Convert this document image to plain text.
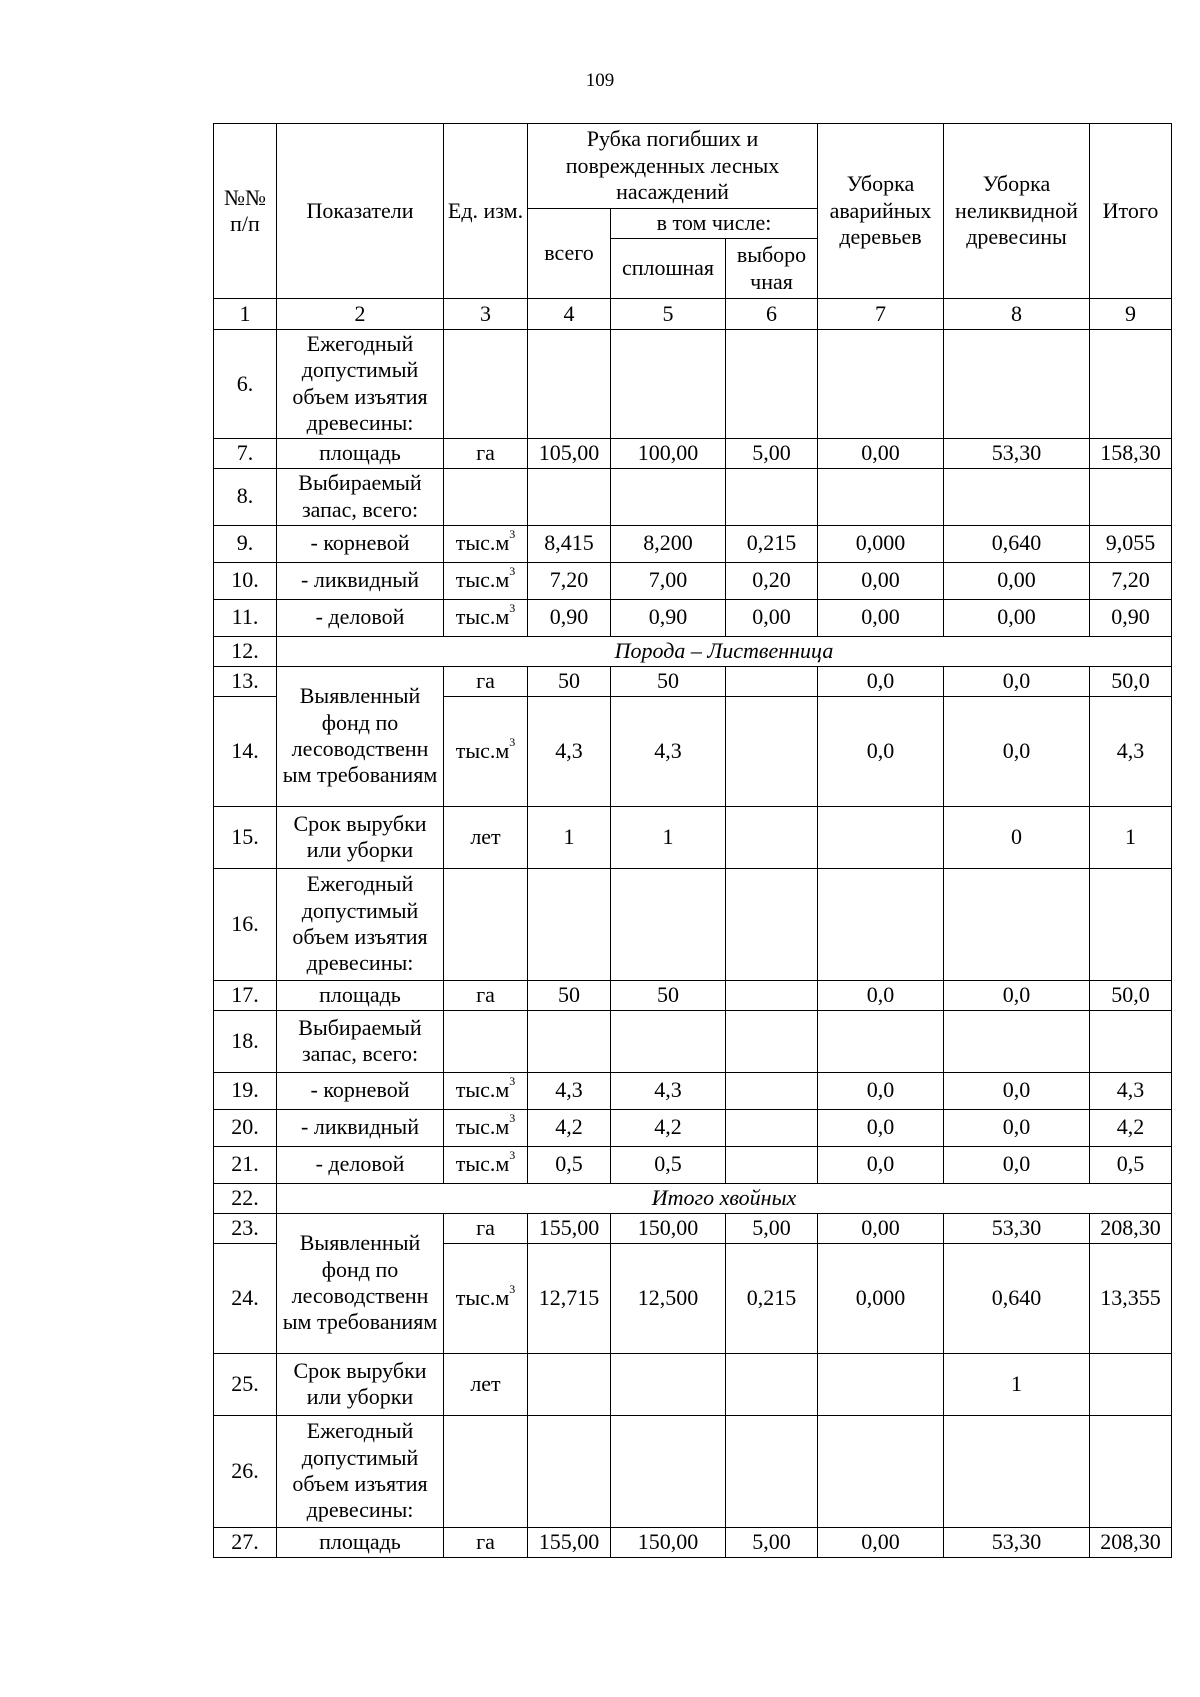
109
№№ п/п	Показатели	Ед. изм.	Рубка погибших и поврежденных лесных насаждений			Уборка аварийных деревьев	Уборка неликвидной древесины	Итого
			всего	в том числе:				
				сплошная	выборо чная			
1	2	3	4	5	6	7	8	9
6.	Ежегодный допустимый объем изъятия древесины:							
7.	площадь	га	105,00	100,00	5,00	0,00	53,30	158,30
8.	Выбираемый запас, всего:							
9.	- корневой	$тыс.м^3$	8,415	8,200	0,215	0,000	0,640	9,055
10.	- ликвидный	$тыс.м^3$	7,20	7,00	0,20	0,00	0,00	7,20
11.	- деловой	$тыс.м^3$	0,90	0,90	0,00	0,00	0,00	0,90
12.	Порода – Лиственница							
13.	Выявленный фонд по лесоводственн ым требованиям	га	50	50		0,0	0,0	50,0
14.		$тыс.м^3$	4,3	4,3		0,0	0,0	4,3
15.	Срок вырубки или уборки	лет	1	1			0	1
16.	Ежегодный допустимый объем изъятия древесины:							
17.	площадь	га	50	50		0,0	0,0	50,0
18.	Выбираемый запас, всего:							
19.	- корневой	$тыс.м^3$	4,3	4,3		0,0	0,0	4,3
20.	- ликвидный	$тыс.м^3$	4,2	4,2		0,0	0,0	4,2
21.	- деловой	$тыс.м^3$	0,5	0,5		0,0	0,0	0,5
22.	Итого хвойных							
23.	Выявленный фонд по лесоводственн ым требованиям	га	155,00	150,00	5,00	0,00	53,30	208,30
24.		$тыс.м^3$	12,715	12,500	0,215	0,000	0,640	13,355
25.	Срок вырубки или уборки	лет					1	
26.	Ежегодный допустимый объем изъятия древесины:							
27.	площадь	га	155,00	150,00	5,00	0,00	53,30	208,30
